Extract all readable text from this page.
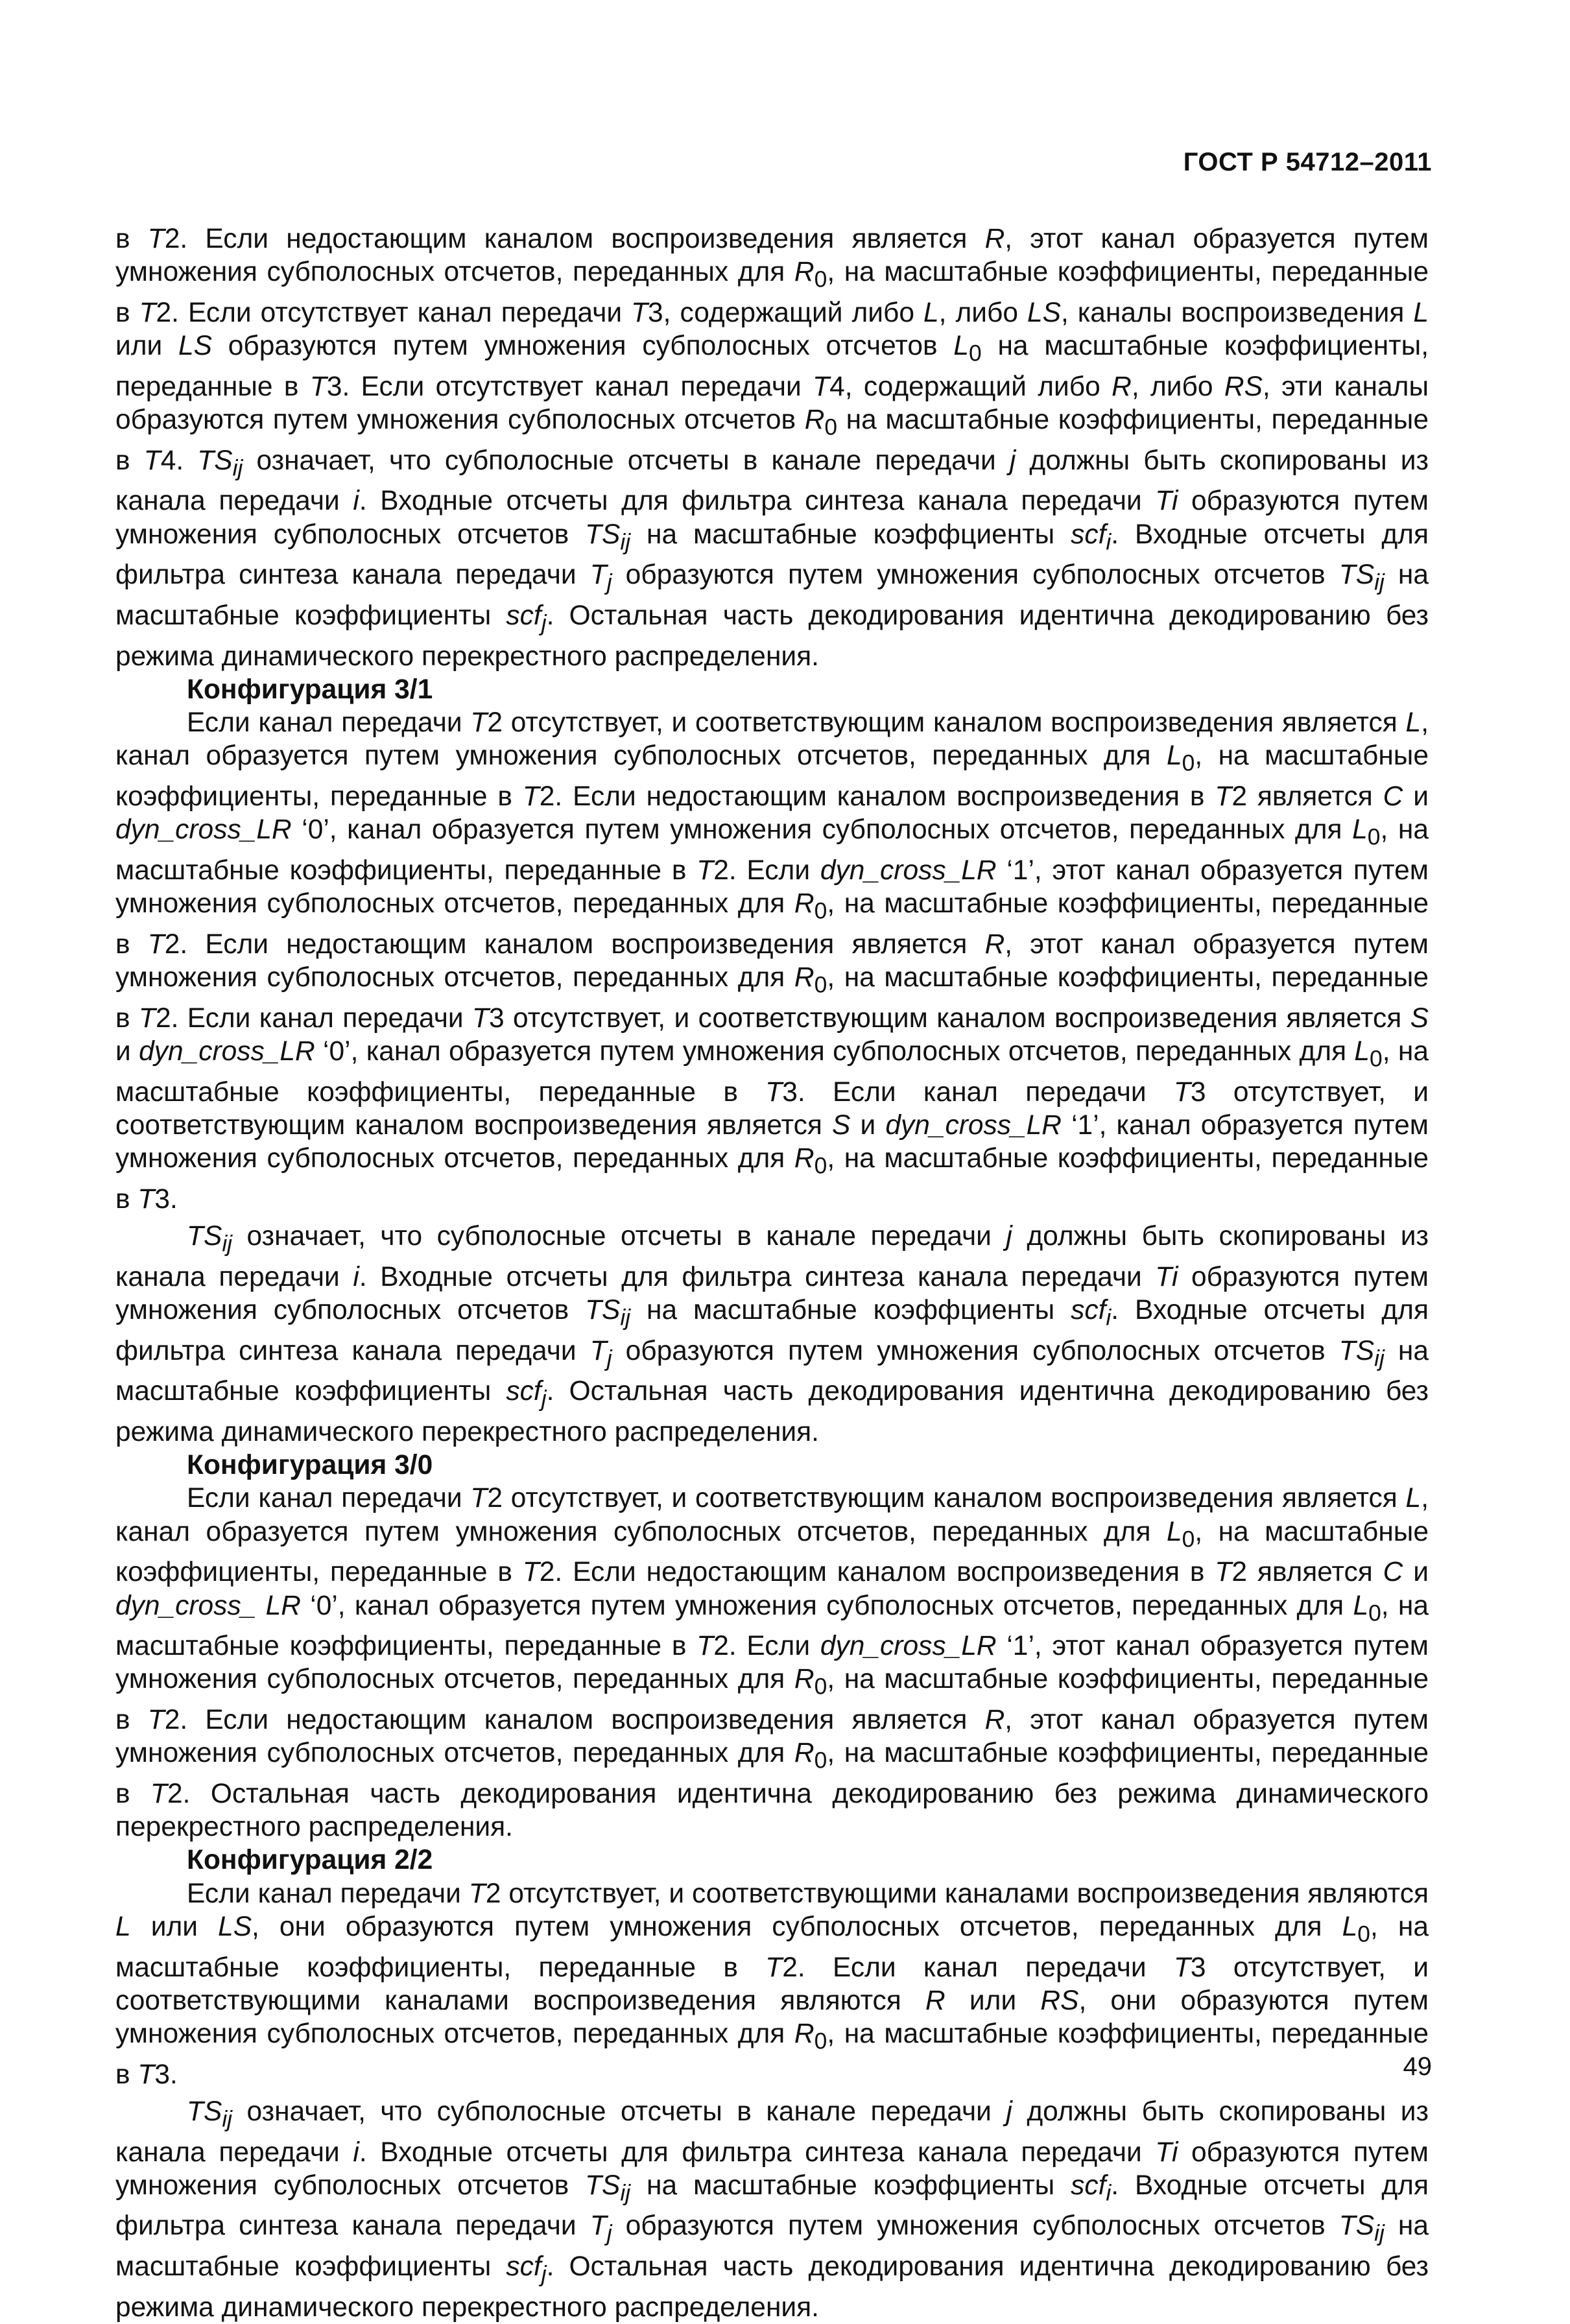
ГОСТ Р 54712–2011

в T2. Если недостающим каналом воспроизведения является R, этот канал образуется путем умножения субполосных отсчетов, переданных для $R_0$, на масштабные коэффициенты, переданные в T2. Если отсутствует канал передачи T3, содержащий либо L, либо LS, каналы воспроизведения L или LS образуются путем умножения субполосных отсчетов $L_0$ на масштабные коэффициенты, переданные в T3. Если отсутствует канал передачи T4, содержащий либо R, либо RS, эти каналы образуются путем умножения субполосных отсчетов $R_0$ на масштабные коэффициенты, переданные в T4. $TS_{ij}$ означает, что субполосные отсчеты в канале передачи j должны быть скопированы из канала передачи i. Входные отсчеты для фильтра синтеза канала передачи Ti образуются путем умножения субполосных отсчетов $TS_{ij}$ на масштабные коэффциенты scf$_i$. Входные отсчеты для фильтра синтеза канала передачи $T_j$ образуются путем умножения субполосных отсчетов $TS_{ij}$ на масштабные коэффициенты scf$_j$. Остальная часть декодирования идентична декодированию без режима динамического перекрестного распределения.

Конфигурация 3/1

Если канал передачи T2 отсутствует, и соответствующим каналом воспроизведения является L, канал образуется путем умножения субполосных отсчетов, переданных для $L_0$, на масштабные коэффициенты, переданные в T2. Если недостающим каналом воспроизведения в T2 является C и dyn_cross_LR ‘0’, канал образуется путем умножения субполосных отсчетов, переданных для $L_0$, на масштабные коэффициенты, переданные в T2. Если dyn_cross_LR ‘1’, этот канал образуется путем умножения субполосных отсчетов, переданных для $R_0$, на масштабные коэффициенты, переданные в T2. Если недостающим каналом воспроизведения является R, этот канал образуется путем умножения субполосных отсчетов, переданных для $R_0$, на масштабные коэффициенты, переданные в T2. Если канал передачи T3 отсутствует, и соответствующим каналом воспроизведения является S и dyn_cross_LR ‘0’, канал образуется путем умножения субполосных отсчетов, переданных для $L_0$, на масштабные коэффициенты, переданные в T3. Если канал передачи T3 отсутствует, и соответствующим каналом воспроизведения является S и dyn_cross_LR ‘1’, канал образуется путем умножения субполосных отсчетов, переданных для $R_0$, на масштабные коэффициенты, переданные в T3.

$TS_{ij}$ означает, что субполосные отсчеты в канале передачи j должны быть скопированы из канала передачи i. Входные отсчеты для фильтра синтеза канала передачи Ti образуются путем умножения субполосных отсчетов $TS_{ij}$ на масштабные коэффциенты scf$_i$. Входные отсчеты для фильтра синтеза канала передачи $T_j$ образуются путем умножения субполосных отсчетов $TS_{ij}$ на масштабные коэффициенты scf$_j$. Остальная часть декодирования идентична декодированию без режима динамического перекрестного распределения.

Конфигурация 3/0

Если канал передачи T2 отсутствует, и соответствующим каналом воспроизведения является L, канал образуется путем умножения субполосных отсчетов, переданных для $L_0$, на масштабные коэффициенты, переданные в T2. Если недостающим каналом воспроизведения в T2 является C и dyn_cross_ LR ‘0’, канал образуется путем умножения субполосных отсчетов, переданных для $L_0$, на масштабные коэффициенты, переданные в T2. Если dyn_cross_LR ‘1’, этот канал образуется путем умножения субполосных отсчетов, переданных для $R_0$, на масштабные коэффициенты, переданные в T2. Если недостающим каналом воспроизведения является R, этот канал образуется путем умножения субполосных отсчетов, переданных для $R_0$, на масштабные коэффициенты, переданные в T2. Остальная часть декодирования идентична декодированию без режима динамического перекрестного распределения.

Конфигурация 2/2

Если канал передачи T2 отсутствует, и соответствующими каналами воспроизведения являются L или LS, они образуются путем умножения субполосных отсчетов, переданных для $L_0$, на масштабные коэффициенты, переданные в T2. Если канал передачи T3 отсутствует, и соответствующими каналами воспроизведения являются R или RS, они образуются путем умножения субполосных отсчетов, переданных для $R_0$, на масштабные коэффициенты, переданные в T3.

$TS_{ij}$ означает, что субполосные отсчеты в канале передачи j должны быть скопированы из канала передачи i. Входные отсчеты для фильтра синтеза канала передачи Ti образуются путем умножения субполосных отсчетов $TS_{ij}$ на масштабные коэффциенты scf$_i$. Входные отсчеты для фильтра синтеза канала передачи $T_j$ образуются путем умножения субполосных отсчетов $TS_{ij}$ на масштабные коэффициенты scf$_j$. Остальная часть декодирования идентична декодированию без режима динамического перекрестного распределения.

49
